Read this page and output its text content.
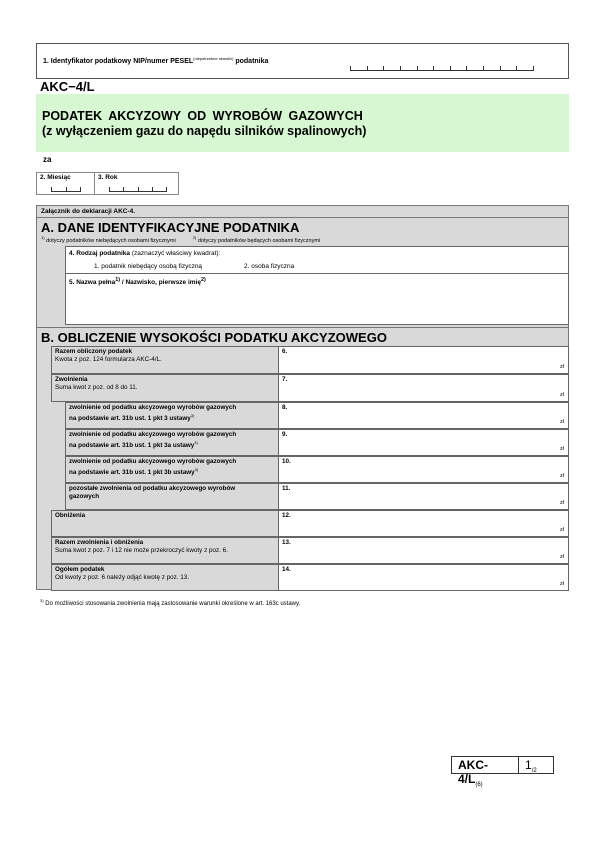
1. Identyfikator podatkowy NIP/numer $PESEL^{(niepotrzebne skreślić)}$ podatnika
AKC−4/L
PODATEK AKCYZOWY OD WYROBÓW GAZOWYCH
(z wyłączeniem gazu do napędu silników spalinowych)
za
2. Miesiąc	3. Rok
Załącznik do deklaracji AKC-4.
A. DANE IDENTYFIKACYJNE PODATNIKA
$^{1)}$ dotyczy podatników niebędących osobami fizycznymi  $^{2)}$ dotyczy podatników będących osobami fizycznymi
4. Rodzaj podatnika (zaznaczyć właściwy kwadrat):
1. podatnik niebędący osobą fizyczną	2. osoba fizyczna
5. Nazwa pełna$^{1)}$ / Nazwisko, pierwsze imię$^{2)}$
B. OBLICZENIE WYSOKOŚCI PODATKU AKCYZOWEGO
Razem obliczony podatek
Kwota z poz. 124 formularza AKC-4/L.
6.
zł
Zwolnienia
Suma kwot z poz. od 8 do 11.
7.
zł
zwolnienie od podatku akcyzowego wyrobów gazowych
na podstawie art. 31b ust. 1 pkt 3 ustawy$^{3)}$
8.
zł
zwolnienie od podatku akcyzowego wyrobów gazowych
na podstawie art. 31b ust. 1 pkt 3a ustawy$^{3)}$
9.
zł
zwolnienie od podatku akcyzowego wyrobów gazowych
na podstawie art. 31b ust. 1 pkt 3b ustawy$^{3)}$
10.
zł
pozostałe zwolnienia od podatku akcyzowego wyrobów
gazowych
11.
zł
Obniżenia	12.
zł
Razem zwolnienia i obniżenia
Suma kwot z poz. 7 i 12 nie może przekroczyć kwoty z poz. 6.
13.
zł
Ogółem podatek
Od kwoty z poz. 6 należy odjąć kwotę z poz. 13.
14.
zł
$^{3)}$ Do możliwości stosowania zwolnienia mają zastosowanie warunki określone w art. 163c ustawy.
AKC-$4/L_{(6)}$
$1_{/2}$
